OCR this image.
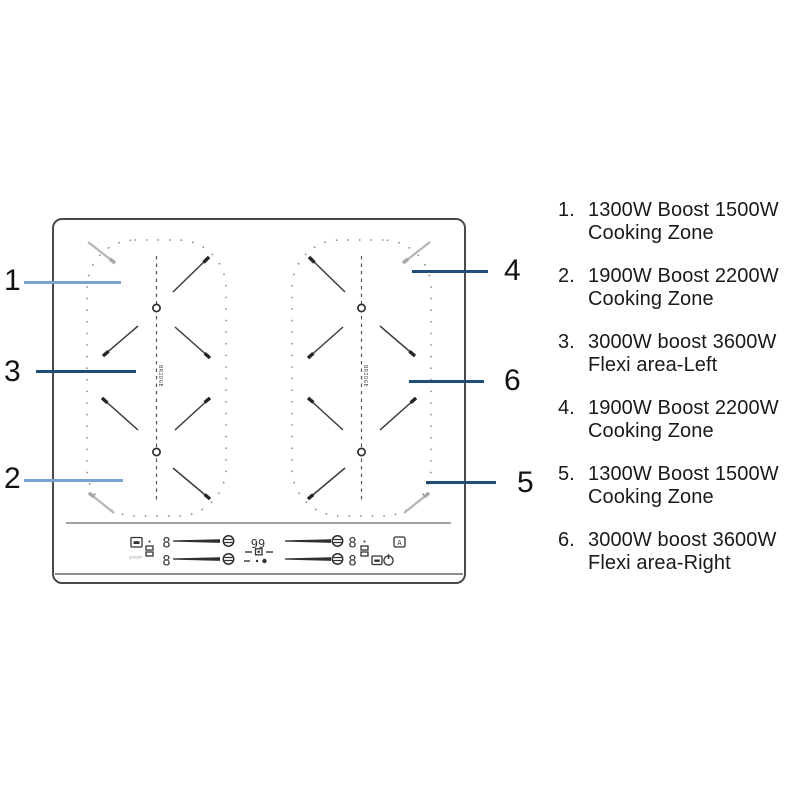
BRIDGE	BRIDGE
STOP
8
8
99	8
8
A
1
3
2
4
6
5
1. 1300W Boost 1500W
Cooking Zone
2. 1900W Boost 2200W
Cooking Zone
3. 3000W boost 3600W
Flexi area-Left
4. 1900W Boost 2200W
Cooking Zone
5. 1300W Boost 1500W
Cooking Zone
6. 3000W boost 3600W
Flexi area-Right
